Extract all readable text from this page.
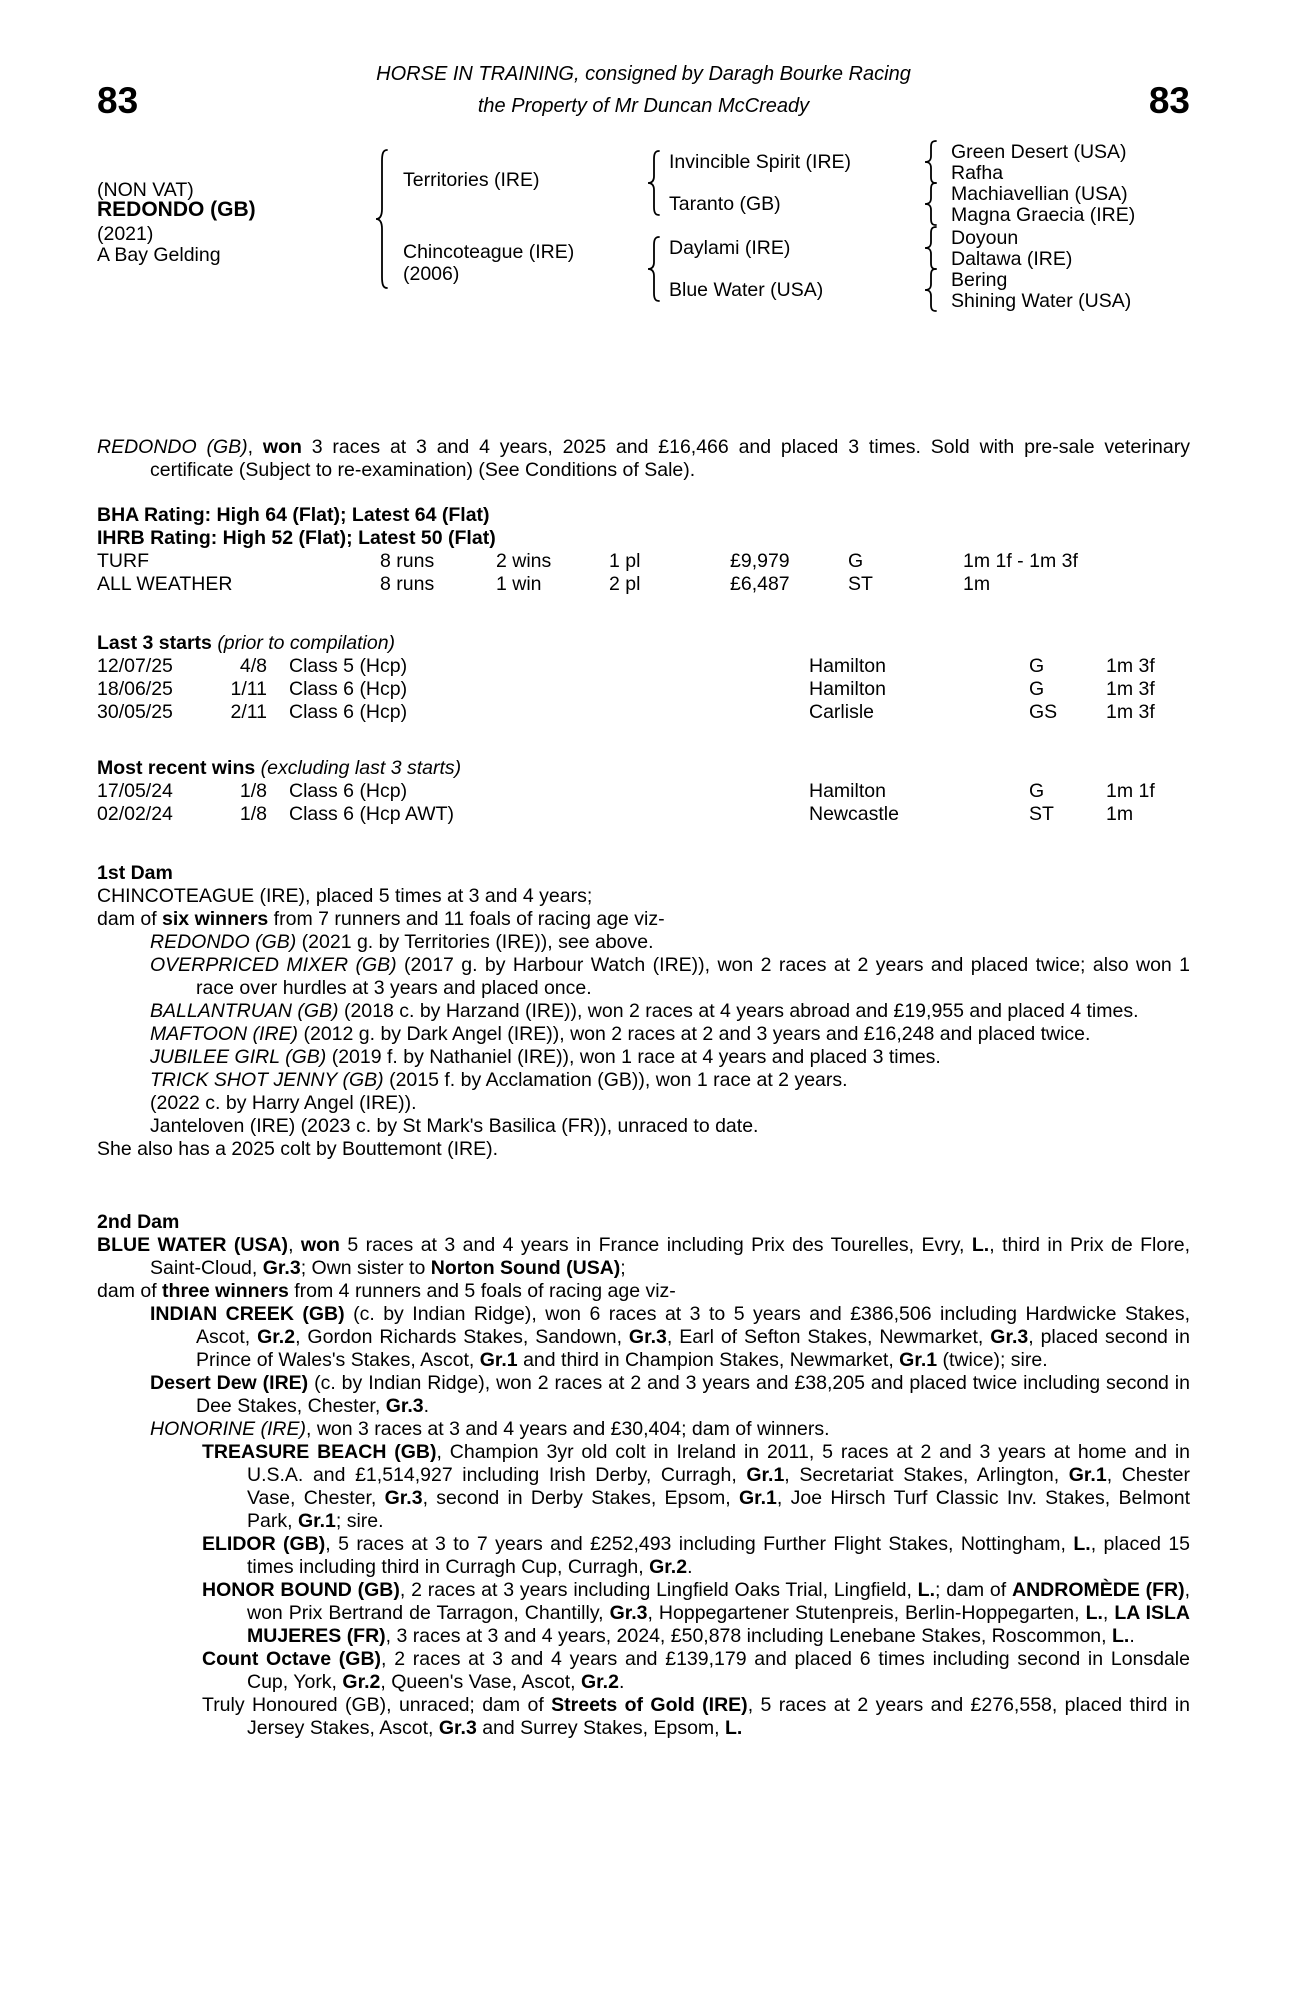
83	83
HORSE IN TRAINING, consigned by Daragh Bourke Racing
the Property of Mr Duncan McCready
(NON VAT)
REDONDO (GB)
(2021)
A Bay Gelding
Territories (IRE)
Chincoteague (IRE)
(2006)
Invincible Spirit (IRE)
Taranto (GB)
Daylami (IRE)
Blue Water (USA)
Green Desert (USA)
Rafha
Machiavellian (USA)
Magna Graecia (IRE)
Doyoun
Daltawa (IRE)
Bering
Shining Water (USA)

REDONDO (GB), won 3 races at 3 and 4 years, 2025 and £16,466 and placed 3 times. Sold with pre-sale veterinary certificate (Subject to re-examination) (See Conditions of Sale).

BHA Rating: High 64 (Flat); Latest 64 (Flat)
IHRB Rating: High 52 (Flat); Latest 50 (Flat)
TURF	8 runs	2 wins	1 pl	£9,979	G	1m 1f - 1m 3f
ALL WEATHER	8 runs	1 win	2 pl	£6,487	ST	1m
Last 3 starts (prior to compilation)
12/07/25	4/8	Class 5 (Hcp)	Hamilton	G	1m 3f
18/06/25	1/11	Class 6 (Hcp)	Hamilton	G	1m 3f
30/05/25	2/11	Class 6 (Hcp)	Carlisle	GS	1m 3f
Most recent wins (excluding last 3 starts)
17/05/24	1/8	Class 6 (Hcp)	Hamilton	G	1m 1f
02/02/24	1/8	Class 6 (Hcp AWT)	Newcastle	ST	1m
1st Dam

CHINCOTEAGUE (IRE), placed 5 times at 3 and 4 years;

dam of six winners from 7 runners and 11 foals of racing age viz-

REDONDO (GB) (2021 g. by Territories (IRE)), see above.

OVERPRICED MIXER (GB) (2017 g. by Harbour Watch (IRE)), won 2 races at 2 years and placed twice; also won 1 race over hurdles at 3 years and placed once.

BALLANTRUAN (GB) (2018 c. by Harzand (IRE)), won 2 races at 4 years abroad and £19,955 and placed 4 times.

MAFTOON (IRE) (2012 g. by Dark Angel (IRE)), won 2 races at 2 and 3 years and £16,248 and placed twice.

JUBILEE GIRL (GB) (2019 f. by Nathaniel (IRE)), won 1 race at 4 years and placed 3 times.

TRICK SHOT JENNY (GB) (2015 f. by Acclamation (GB)), won 1 race at 2 years.

(2022 c. by Harry Angel (IRE)).

Janteloven (IRE) (2023 c. by St Mark's Basilica (FR)), unraced to date.

She also has a 2025 colt by Bouttemont (IRE).

2nd Dam

BLUE WATER (USA), won 5 races at 3 and 4 years in France including Prix des Tourelles, Evry, L., third in Prix de Flore, Saint-Cloud, Gr.3; Own sister to Norton Sound (USA);

dam of three winners from 4 runners and 5 foals of racing age viz-

INDIAN CREEK (GB) (c. by Indian Ridge), won 6 races at 3 to 5 years and £386,506 including Hardwicke Stakes, Ascot, Gr.2, Gordon Richards Stakes, Sandown, Gr.3, Earl of Sefton Stakes, Newmarket, Gr.3, placed second in Prince of Wales's Stakes, Ascot, Gr.1 and third in Champion Stakes, Newmarket, Gr.1 (twice); sire.

Desert Dew (IRE) (c. by Indian Ridge), won 2 races at 2 and 3 years and £38,205 and placed twice including second in Dee Stakes, Chester, Gr.3.

HONORINE (IRE), won 3 races at 3 and 4 years and £30,404; dam of winners.

TREASURE BEACH (GB), Champion 3yr old colt in Ireland in 2011, 5 races at 2 and 3 years at home and in U.S.A. and £1,514,927 including Irish Derby, Curragh, Gr.1, Secretariat Stakes, Arlington, Gr.1, Chester Vase, Chester, Gr.3, second in Derby Stakes, Epsom, Gr.1, Joe Hirsch Turf Classic Inv. Stakes, Belmont Park, Gr.1; sire.

ELIDOR (GB), 5 races at 3 to 7 years and £252,493 including Further Flight Stakes, Nottingham, L., placed 15 times including third in Curragh Cup, Curragh, Gr.2.

HONOR BOUND (GB), 2 races at 3 years including Lingfield Oaks Trial, Lingfield, L.; dam of ANDROMÈDE (FR), won Prix Bertrand de Tarragon, Chantilly, Gr.3, Hoppegartener Stutenpreis, Berlin-Hoppegarten, L., LA ISLA MUJERES (FR), 3 races at 3 and 4 years, 2024, £50,878 including Lenebane Stakes, Roscommon, L..

Count Octave (GB), 2 races at 3 and 4 years and £139,179 and placed 6 times including second in Lonsdale Cup, York, Gr.2, Queen's Vase, Ascot, Gr.2.

Truly Honoured (GB), unraced; dam of Streets of Gold (IRE), 5 races at 2 years and £276,558, placed third in Jersey Stakes, Ascot, Gr.3 and Surrey Stakes, Epsom, L.
